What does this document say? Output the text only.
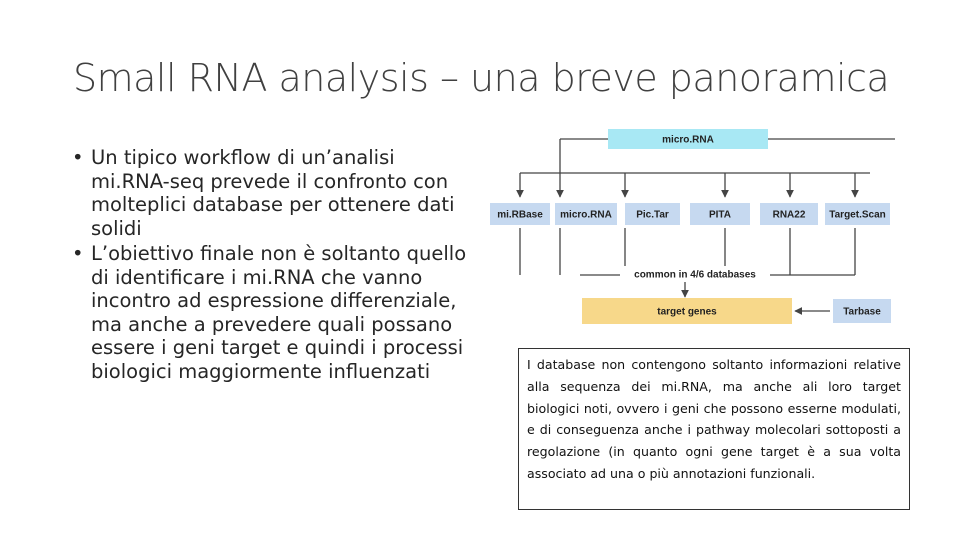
Small RNA analysis – una breve panoramica
• Un tipico workflow di un’analisi mi.RNA-seq prevede il confronto con molteplici database per ottenere dati solidi
• L’obiettivo finale non è soltanto quello di identificare i mi.RNA che vanno incontro ad espressione differenziale, ma anche a prevedere quali possano essere i geni target e quindi i processi biologici maggiormente influenzati
micro.RNA
mi.RBase micro.RNA Pic.Tar	PITA	RNA22 Target.Scan
common in 4/6 databases
target genes	Tarbase
I database non contengono soltanto informazioni relative alla sequenza dei mi.RNA, ma anche ali loro target biologici noti, ovvero i geni che possono esserne modulati, e di conseguenza anche i pathway molecolari sottoposti a regolazione (in quanto ogni gene target è a sua volta associato ad una o più annotazioni funzionali.
